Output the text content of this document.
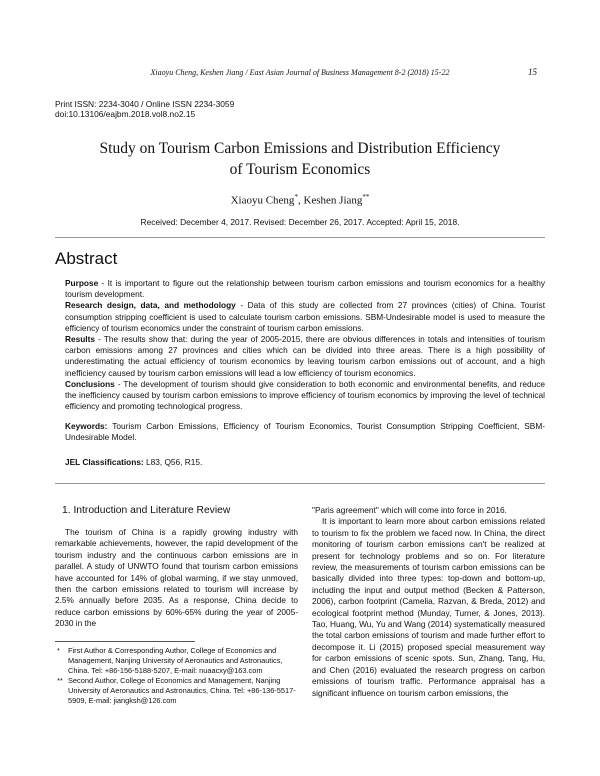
Xiaoyu Cheng, Keshen Jiang / East Asian Journal of Business Management 8-2 (2018) 15-22	15
Print ISSN: 2234-3040 / Online ISSN 2234-3059
doi:10.13106/eajbm.2018.vol8.no2.15
Study on Tourism Carbon Emissions and Distribution Efficiency
of Tourism Economics
Xiaoyu Cheng*, Keshen Jiang**
Received: December 4, 2017. Revised: December 26, 2017. Accepted: April 15, 2018.
Abstract

Purpose - It is important to figure out the relationship between tourism carbon emissions and tourism economics for a healthy tourism development.

Research design, data, and methodology - Data of this study are collected from 27 provinces (cities) of China. Tourist consumption stripping coefficient is used to calculate tourism carbon emissions. SBM-Undesirable model is used to measure the efficiency of tourism economics under the constraint of tourism carbon emissions.

Results - The results show that: during the year of 2005-2015, there are obvious differences in totals and intensities of tourism carbon emissions among 27 provinces and cities which can be divided into three areas. There is a high possibility of underestimating the actual efficiency of tourism economics by leaving tourism carbon emissions out of account, and a high inefficiency caused by tourism carbon emissions will lead a low efficiency of tourism economics.

Conclusions - The development of tourism should give consideration to both economic and environmental benefits, and reduce the inefficiency caused by tourism carbon emissions to improve efficiency of tourism economics by improving the level of technical efficiency and promoting technological progress.

Keywords: Tourism Carbon Emissions, Efficiency of Tourism Economics, Tourist Consumption Stripping Coefficient, SBM-Undesirable Model.
JEL Classifications: L83, Q56, R15.
1. Introduction and Literature Review

The tourism of China is a rapidly growing industry with remarkable achievements, however, the rapid development of the tourism industry and the continuous carbon emissions are in parallel. A study of UNWTO found that tourism carbon emissions have accounted for 14% of global warming, if we stay unmoved, then the carbon emissions related to tourism will increase by 2.5% annually before 2035. As a response, China decide to reduce carbon emissions by 60%-65% during the year of 2005-2030 in the

* First Author & Corresponding Author, College of Economics and Management, Nanjing University of Aeronautics and Astronautics, China. Tel: +86-156-5188-5207, E-mail: nuaacxy@163.com
** Second Author, College of Economics and Management, Nanjing University of Aeronautics and Astronautics, China. Tel: +86-136-5517-5909, E-mail: jiangksh@126.com

"Paris agreement" which will come into force in 2016.

It is important to learn more about carbon emissions related to tourism to fix the problem we faced now. In China, the direct monitoring of tourism carbon emissions can't be realized at present for technology problems and so on. For literature review, the measurements of tourism carbon emissions can be basically divided into three types: top-down and bottom-up, including the input and output method (Becken & Patterson, 2006), carbon footprint (Camelia, Razvan, & Breda, 2012) and ecological footprint method (Munday, Turner, & Jones, 2013). Tao, Huang, Wu, Yu and Wang (2014) systematically measured the total carbon emissions of tourism and made further effort to decompose it. Li (2015) proposed special measurement way for carbon emissions of scenic spots. Sun, Zhang, Tang, Hu, and Chen (2016) evaluated the research progress on carbon emissions of tourism traffic. Performance appraisal has a significant influence on tourism carbon emissions, the
